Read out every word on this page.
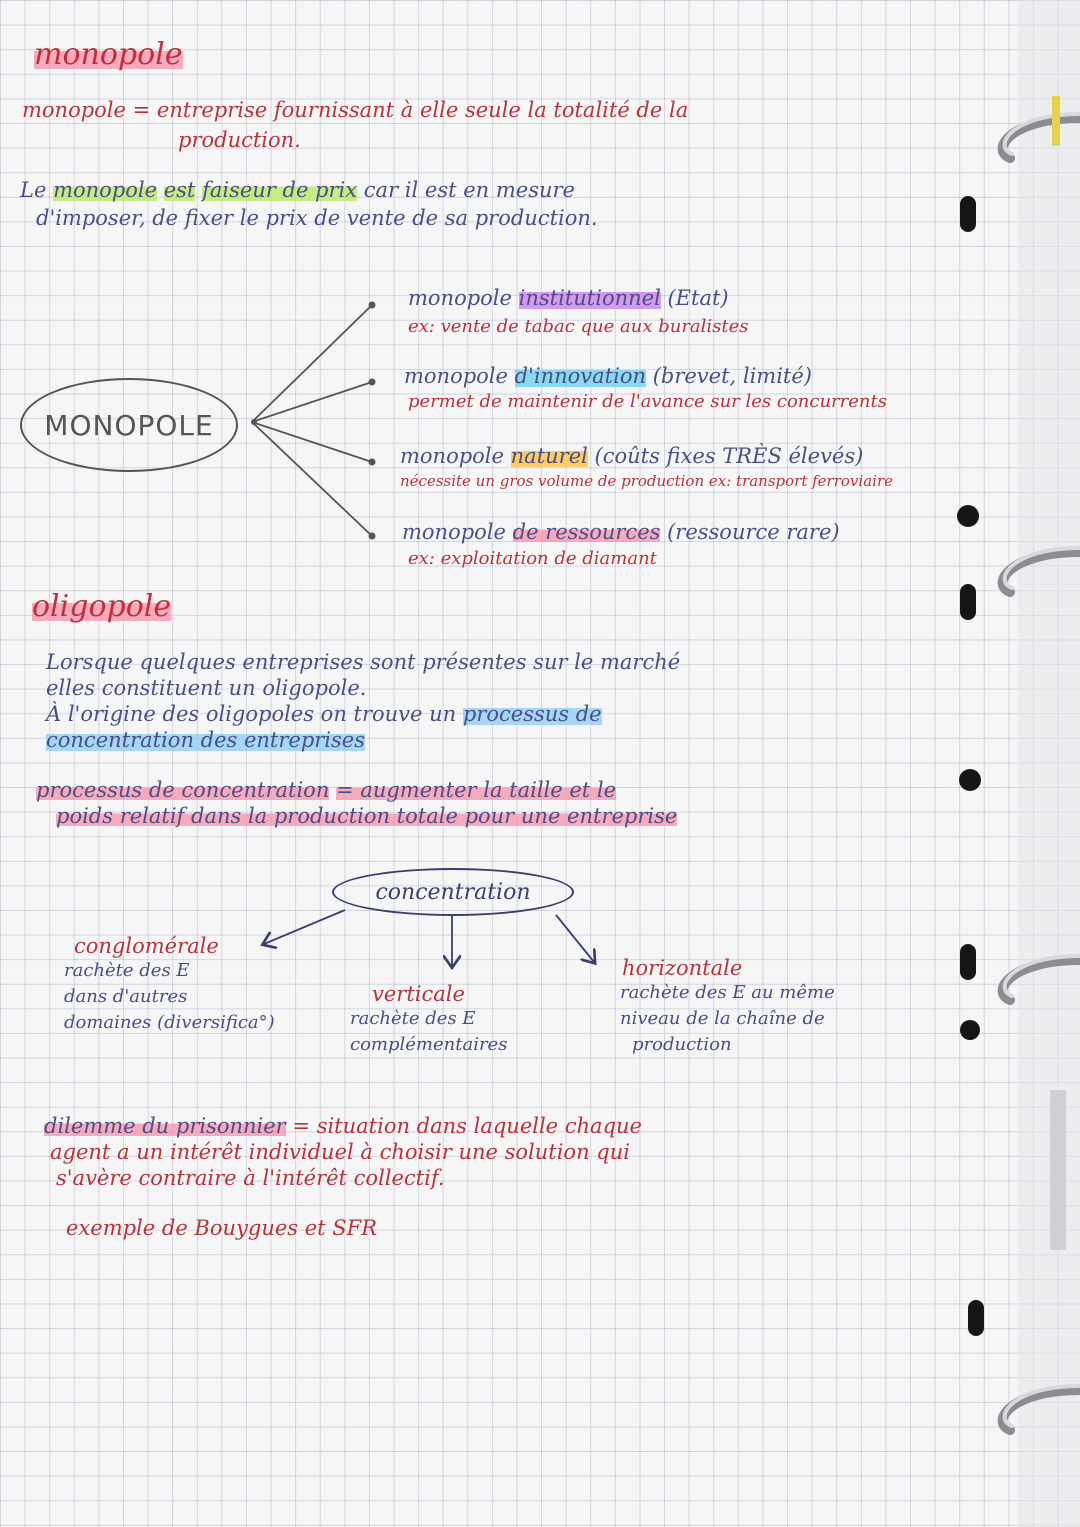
monopole
monopole = entreprise fournissant à elle seule la totalité de la
production.
Le monopole est faiseur de prix car il est en mesure
d'imposer, de fixer le prix de vente de sa production.
MONOPOLE
monopole institutionnel (Etat)
ex: vente de tabac que aux buralistes
monopole d'innovation (brevet, limité)
permet de maintenir de l'avance sur les concurrents
monopole naturel (coûts fixes TRÈS élevés)
nécessite un gros volume de production ex: transport ferroviaire
monopole de ressources (ressource rare)
ex: exploitation de diamant
oligopole
Lorsque quelques entreprises sont présentes sur le marché
elles constituent un oligopole.
À l'origine des oligopoles on trouve un processus de
concentration des entreprises
processus de concentration = augmenter la taille et le
poids relatif dans la production totale pour une entreprise
concentration
conglomérale
rachète des E
dans d'autres
domaines (diversifica°)
verticale
rachète des E
complémentaires
horizontale
rachète des E au même
niveau de la chaîne de
production
dilemme du prisonnier = situation dans laquelle chaque
agent a un intérêt individuel à choisir une solution qui
s'avère contraire à l'intérêt collectif.
exemple de Bouygues et SFR
